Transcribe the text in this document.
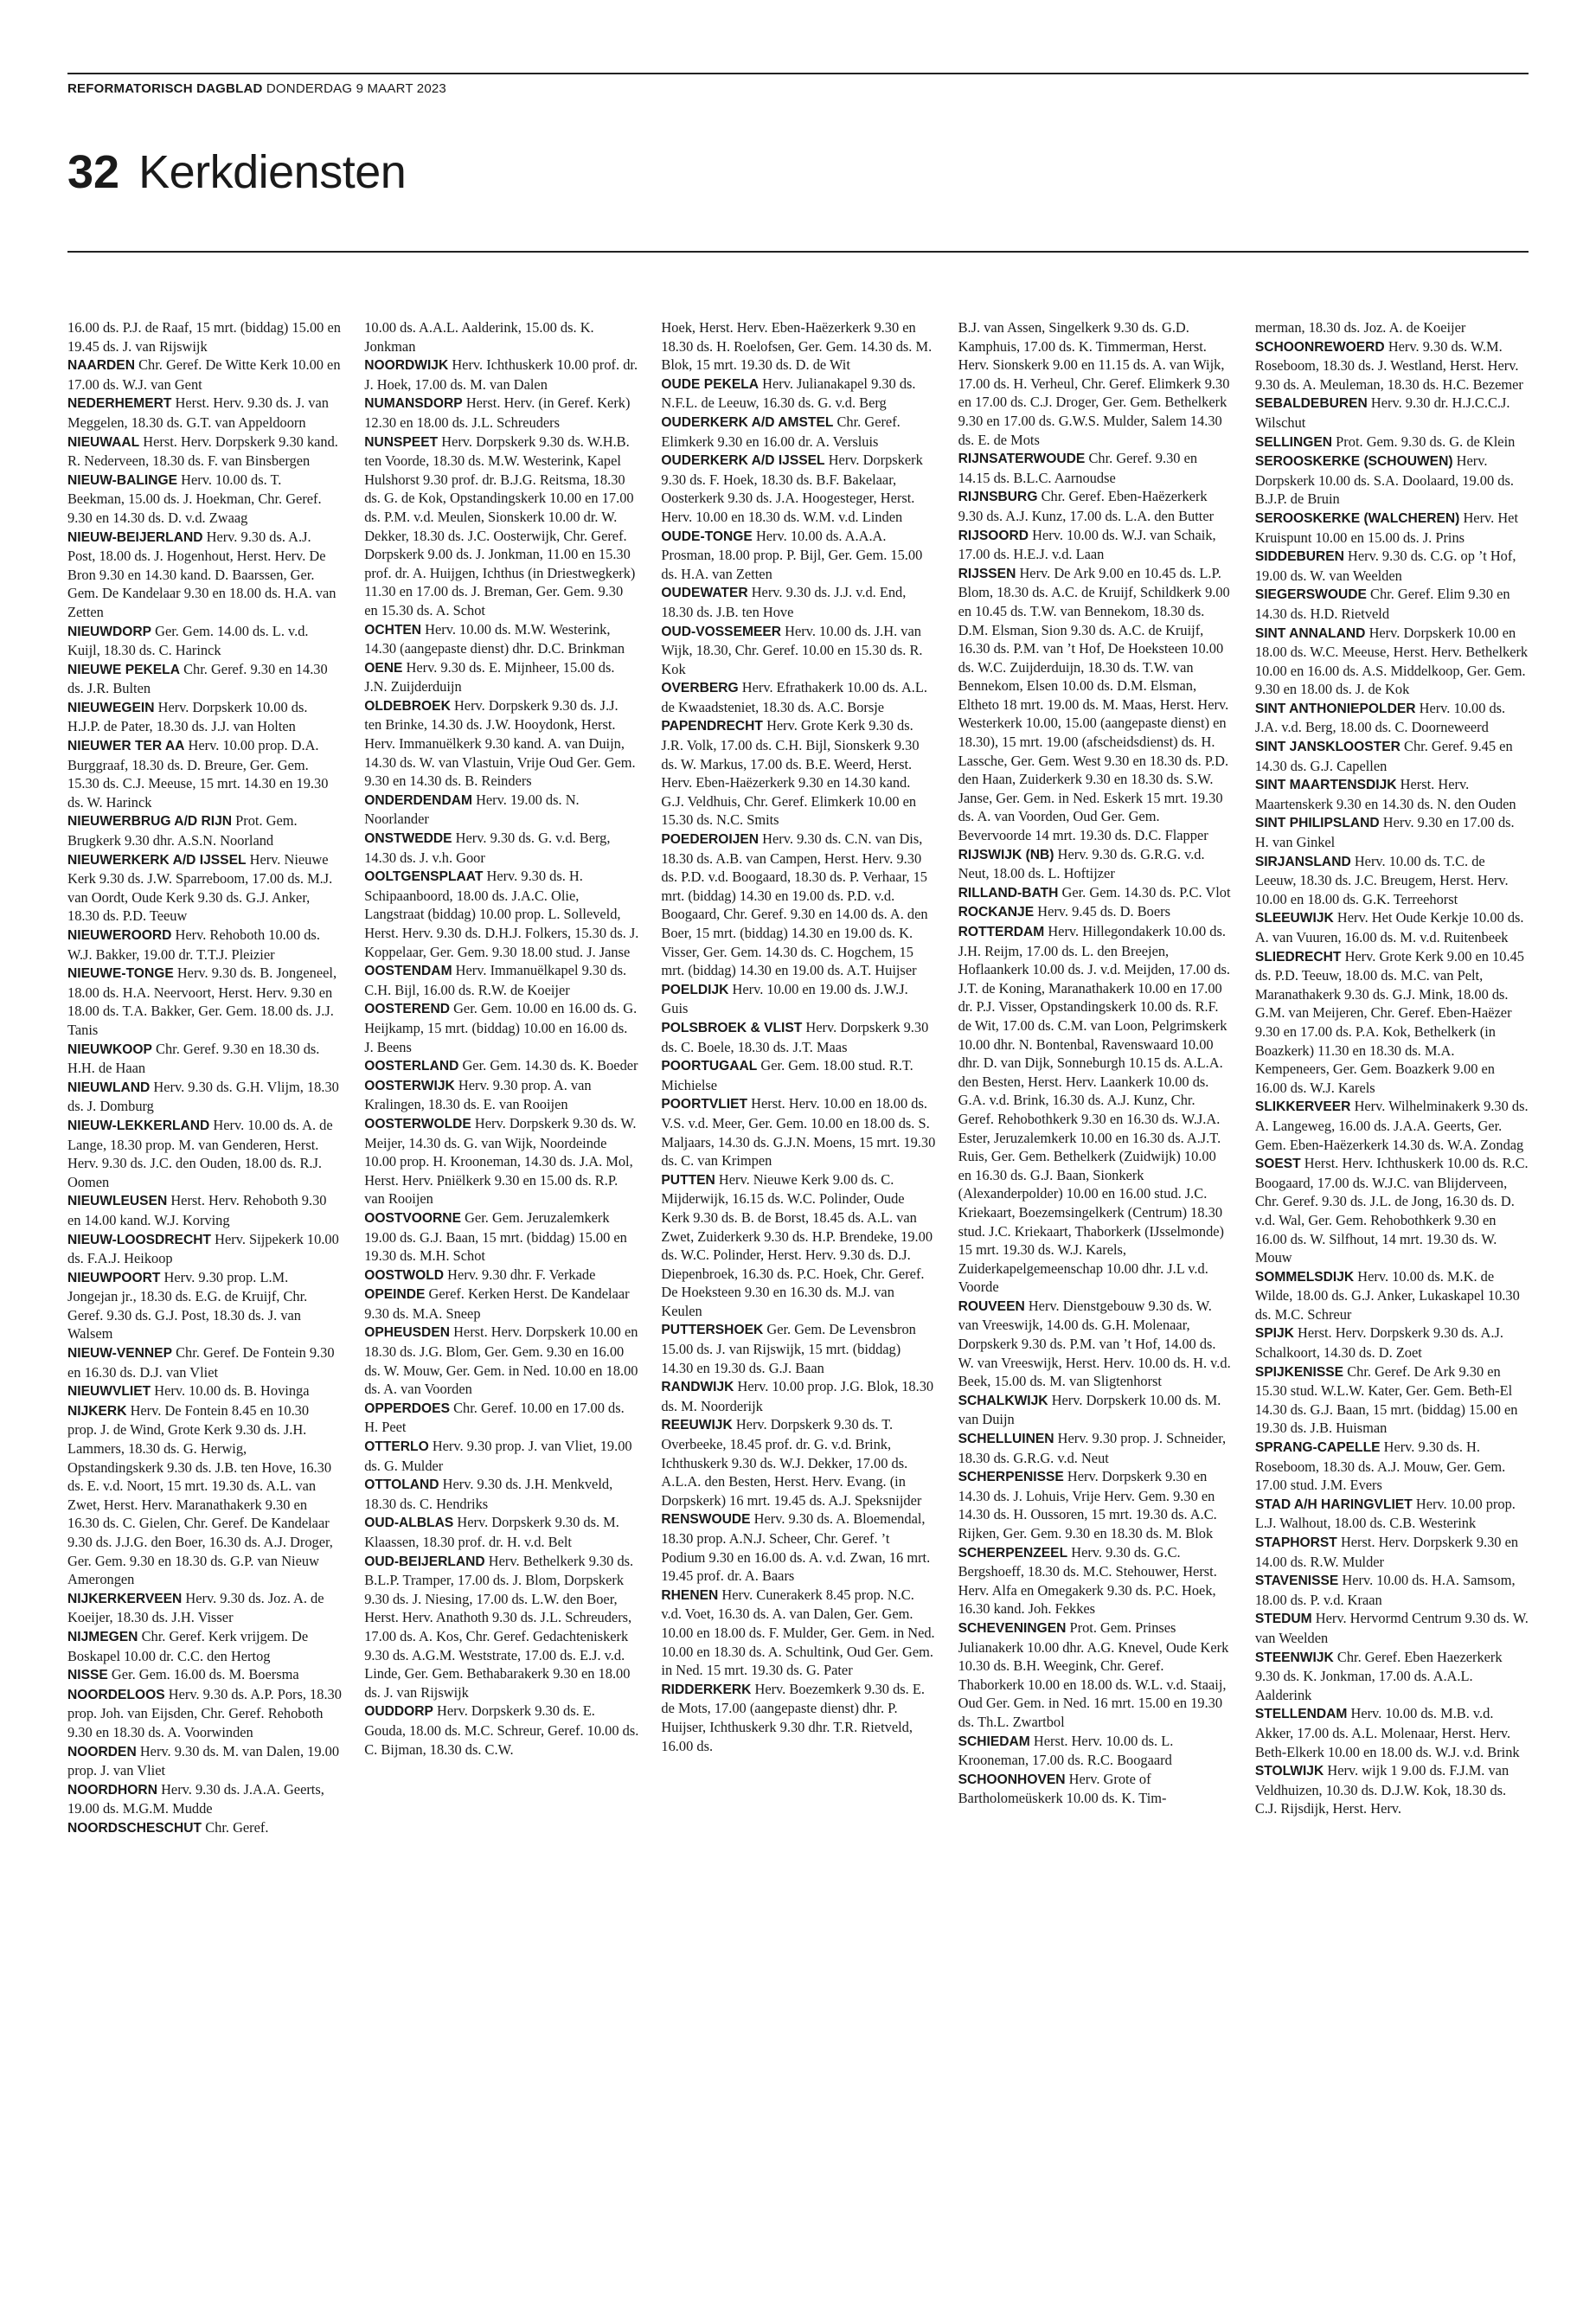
REFORMATORISCH DAGBLAD DONDERDAG 9 MAART 2023
32 Kerkdiensten

16.00 ds. P.J. de Raaf, 15 mrt. (biddag) 15.00 en 19.45 ds. J. van Rijswijk

NAARDEN Chr. Geref. De Witte Kerk 10.00 en 17.00 ds. W.J. van Gent

NEDERHEMERT Herst. Herv. 9.30 ds. J. van Meggelen, 18.30 ds. G.T. van Appeldoorn

NIEUWAAL Herst. Herv. Dorpskerk 9.30 kand. R. Nederveen, 18.30 ds. F. van Binsbergen

NIEUW-BALINGE Herv. 10.00 ds. T. Beekman, 15.00 ds. J. Hoekman, Chr. Geref. 9.30 en 14.30 ds. D. v.d. Zwaag

NIEUW-BEIJERLAND Herv. 9.30 ds. A.J. Post, 18.00 ds. J. Hogenhout, Herst. Herv. De Bron 9.30 en 14.30 kand. D. Baarssen, Ger. Gem. De Kandelaar 9.30 en 18.00 ds. H.A. van Zetten

NIEUWDORP Ger. Gem. 14.00 ds. L. v.d. Kuijl, 18.30 ds. C. Harinck

NIEUWE PEKELA Chr. Geref. 9.30 en 14.30 ds. J.R. Bulten

NIEUWEGEIN Herv. Dorpskerk 10.00 ds. H.J.P. de Pater, 18.30 ds. J.J. van Holten

NIEUWER TER AA Herv. 10.00 prop. D.A. Burggraaf, 18.30 ds. D. Breure, Ger. Gem. 15.30 ds. C.J. Meeuse, 15 mrt. 14.30 en 19.30 ds. W. Harinck

NIEUWERBRUG A/D RIJN Prot. Gem. Brugkerk 9.30 dhr. A.S.N. Noorland

NIEUWERKERK A/D IJSSEL Herv. Nieuwe Kerk 9.30 ds. J.W. Sparreboom, 17.00 ds. M.J. van Oordt, Oude Kerk 9.30 ds. G.J. Anker, 18.30 ds. P.D. Teeuw

NIEUWEROORD Herv. Rehoboth 10.00 ds. W.J. Bakker, 19.00 dr. T.T.J. Pleizier

NIEUWE-TONGE Herv. 9.30 ds. B. Jongeneel, 18.00 ds. H.A. Neervoort, Herst. Herv. 9.30 en 18.00 ds. T.A. Bakker, Ger. Gem. 18.00 ds. J.J. Tanis

NIEUWKOOP Chr. Geref. 9.30 en 18.30 ds. H.H. de Haan

NIEUWLAND Herv. 9.30 ds. G.H. Vlijm, 18.30 ds. J. Domburg

NIEUW-LEKKERLAND Herv. 10.00 ds. A. de Lange, 18.30 prop. M. van Genderen, Herst. Herv. 9.30 ds. J.C. den Ouden, 18.00 ds. R.J. Oomen

NIEUWLEUSEN Herst. Herv. Rehoboth 9.30 en 14.00 kand. W.J. Korving

NIEUW-LOOSDRECHT Herv. Sijpekerk 10.00 ds. F.A.J. Heikoop

NIEUWPOORT Herv. 9.30 prop. L.M. Jongejan jr., 18.30 ds. E.G. de Kruijf, Chr. Geref. 9.30 ds. G.J. Post, 18.30 ds. J. van Walsem

NIEUW-VENNEP Chr. Geref. De Fontein 9.30 en 16.30 ds. D.J. van Vliet

NIEUWVLIET Herv. 10.00 ds. B. Hovinga

NIJKERK Herv. De Fontein 8.45 en 10.30 prop. J. de Wind, Grote Kerk 9.30 ds. J.H. Lammers, 18.30 ds. G. Herwig, Opstandingskerk 9.30 ds. J.B. ten Hove, 16.30 ds. E. v.d. Noort, 15 mrt. 19.30 ds. A.L. van Zwet, Herst. Herv. Maranathakerk 9.30 en 16.30 ds. C. Gielen, Chr. Geref. De Kandelaar 9.30 ds. J.J.G. den Boer, 16.30 ds. A.J. Droger, Ger. Gem. 9.30 en 18.30 ds. G.P. van Nieuw Amerongen

NIJKERKERVEEN Herv. 9.30 ds. Joz. A. de Koeijer, 18.30 ds. J.H. Visser

NIJMEGEN Chr. Geref. Kerk vrijgem. De Boskapel 10.00 dr. C.C. den Hertog

NISSE Ger. Gem. 16.00 ds. M. Boersma

NOORDELOOS Herv. 9.30 ds. A.P. Pors, 18.30 prop. Joh. van Eijsden, Chr. Geref. Rehoboth 9.30 en 18.30 ds. A. Voorwinden

NOORDEN Herv. 9.30 ds. M. van Dalen, 19.00 prop. J. van Vliet

NOORDHORN Herv. 9.30 ds. J.A.A. Geerts, 19.00 ds. M.G.M. Mudde

NOORDSCHESCHUT Chr. Geref.

10.00 ds. A.A.L. Aalderink, 15.00 ds. K. Jonkman

NOORDWIJK Herv. Ichthuskerk 10.00 prof. dr. J. Hoek, 17.00 ds. M. van Dalen

NUMANSDORP Herst. Herv. (in Geref. Kerk) 12.30 en 18.00 ds. J.L. Schreuders

NUNSPEET Herv. Dorpskerk 9.30 ds. W.H.B. ten Voorde, 18.30 ds. M.W. Westerink, Kapel Hulshorst 9.30 prof. dr. B.J.G. Reitsma, 18.30 ds. G. de Kok, Opstandingskerk 10.00 en 17.00 ds. P.M. v.d. Meulen, Sionskerk 10.00 dr. W. Dekker, 18.30 ds. J.C. Oosterwijk, Chr. Geref. Dorpskerk 9.00 ds. J. Jonkman, 11.00 en 15.30 prof. dr. A. Huijgen, Ichthus (in Driestwegkerk) 11.30 en 17.00 ds. J. Breman, Ger. Gem. 9.30 en 15.30 ds. A. Schot

OCHTEN Herv. 10.00 ds. M.W. Westerink, 14.30 (aangepaste dienst) dhr. D.C. Brinkman

OENE Herv. 9.30 ds. E. Mijnheer, 15.00 ds. J.N. Zuijderduijn

OLDEBROEK Herv. Dorpskerk 9.30 ds. J.J. ten Brinke, 14.30 ds. J.W. Hooydonk, Herst. Herv. Immanuëlkerk 9.30 kand. A. van Duijn, 14.30 ds. W. van Vlastuin, Vrije Oud Ger. Gem. 9.30 en 14.30 ds. B. Reinders

ONDERDENDAM Herv. 19.00 ds. N. Noorlander

ONSTWEDDE Herv. 9.30 ds. G. v.d. Berg, 14.30 ds. J. v.h. Goor

OOLTGENSPLAAT Herv. 9.30 ds. H. Schipaanboord, 18.00 ds. J.A.C. Olie, Langstraat (biddag) 10.00 prop. L. Solleveld, Herst. Herv. 9.30 ds. D.H.J. Folkers, 15.30 ds. J. Koppelaar, Ger. Gem. 9.30 18.00 stud. J. Janse

OOSTENDAM Herv. Immanuëlkapel 9.30 ds. C.H. Bijl, 16.00 ds. R.W. de Koeijer

OOSTEREND Ger. Gem. 10.00 en 16.00 ds. G. Heijkamp, 15 mrt. (biddag) 10.00 en 16.00 ds. J. Beens

OOSTERLAND Ger. Gem. 14.30 ds. K. Boeder

OOSTERWIJK Herv. 9.30 prop. A. van Kralingen, 18.30 ds. E. van Rooijen

OOSTERWOLDE Herv. Dorpskerk 9.30 ds. W. Meijer, 14.30 ds. G. van Wijk, Noordeinde 10.00 prop. H. Krooneman, 14.30 ds. J.A. Mol, Herst. Herv. Pniëlkerk 9.30 en 15.00 ds. R.P. van Rooijen

OOSTVOORNE Ger. Gem. Jeruzalemkerk 19.00 ds. G.J. Baan, 15 mrt. (biddag) 15.00 en 19.30 ds. M.H. Schot

OOSTWOLD Herv. 9.30 dhr. F. Verkade

OPEINDE Geref. Kerken Herst. De Kandelaar 9.30 ds. M.A. Sneep

OPHEUSDEN Herst. Herv. Dorpskerk 10.00 en 18.30 ds. J.G. Blom, Ger. Gem. 9.30 en 16.00 ds. W. Mouw, Ger. Gem. in Ned. 10.00 en 18.00 ds. A. van Voorden

OPPERDOES Chr. Geref. 10.00 en 17.00 ds. H. Peet

OTTERLO Herv. 9.30 prop. J. van Vliet, 19.00 ds. G. Mulder

OTTOLAND Herv. 9.30 ds. J.H. Menkveld, 18.30 ds. C. Hendriks

OUD-ALBLAS Herv. Dorpskerk 9.30 ds. M. Klaassen, 18.30 prof. dr. H. v.d. Belt

OUD-BEIJERLAND Herv. Bethelkerk 9.30 ds. B.L.P. Tramper, 17.00 ds. J. Blom, Dorpskerk 9.30 ds. J. Niesing, 17.00 ds. L.W. den Boer, Herst. Herv. Anathoth 9.30 ds. J.L. Schreuders, 17.00 ds. A. Kos, Chr. Geref. Gedachteniskerk 9.30 ds. A.G.M. Weststrate, 17.00 ds. E.J. v.d. Linde, Ger. Gem. Bethabarakerk 9.30 en 18.00 ds. J. van Rijswijk

OUDDORP Herv. Dorpskerk 9.30 ds. E. Gouda, 18.00 ds. M.C. Schreur, Geref. 10.00 ds. C. Bijman, 18.30 ds. C.W.

Hoek, Herst. Herv. Eben-Haëzerkerk 9.30 en 18.30 ds. H. Roelofsen, Ger. Gem. 14.30 ds. M. Blok, 15 mrt. 19.30 ds. D. de Wit

OUDE PEKELA Herv. Julianakapel 9.30 ds. N.F.L. de Leeuw, 16.30 ds. G. v.d. Berg

OUDERKERK A/D AMSTEL Chr. Geref. Elimkerk 9.30 en 16.00 dr. A. Versluis

OUDERKERK A/D IJSSEL Herv. Dorpskerk 9.30 ds. F. Hoek, 18.30 ds. B.F. Bakelaar, Oosterkerk 9.30 ds. J.A. Hoogesteger, Herst. Herv. 10.00 en 18.30 ds. W.M. v.d. Linden

OUDE-TONGE Herv. 10.00 ds. A.A.A. Prosman, 18.00 prop. P. Bijl, Ger. Gem. 15.00 ds. H.A. van Zetten

OUDEWATER Herv. 9.30 ds. J.J. v.d. End, 18.30 ds. J.B. ten Hove

OUD-VOSSEMEER Herv. 10.00 ds. J.H. van Wijk, 18.30, Chr. Geref. 10.00 en 15.30 ds. R. Kok

OVERBERG Herv. Efrathakerk 10.00 ds. A.L. de Kwaadsteniet, 18.30 ds. A.C. Borsje

PAPENDRECHT Herv. Grote Kerk 9.30 ds. J.R. Volk, 17.00 ds. C.H. Bijl, Sionskerk 9.30 ds. W. Markus, 17.00 ds. B.E. Weerd, Herst. Herv. Eben-Haëzerkerk 9.30 en 14.30 kand. G.J. Veldhuis, Chr. Geref. Elimkerk 10.00 en 15.30 ds. N.C. Smits

POEDEROIJEN Herv. 9.30 ds. C.N. van Dis, 18.30 ds. A.B. van Campen, Herst. Herv. 9.30 ds. P.D. v.d. Boogaard, 18.30 ds. P. Verhaar, 15 mrt. (biddag) 14.30 en 19.00 ds. P.D. v.d. Boogaard, Chr. Geref. 9.30 en 14.00 ds. A. den Boer, 15 mrt. (biddag) 14.30 en 19.00 ds. K. Visser, Ger. Gem. 14.30 ds. C. Hogchem, 15 mrt. (biddag) 14.30 en 19.00 ds. A.T. Huijser

POELDIJK Herv. 10.00 en 19.00 ds. J.W.J. Guis

POLSBROEK & VLIST Herv. Dorpskerk 9.30 ds. C. Boele, 18.30 ds. J.T. Maas

POORTUGAAL Ger. Gem. 18.00 stud. R.T. Michielse

POORTVLIET Herst. Herv. 10.00 en 18.00 ds. V.S. v.d. Meer, Ger. Gem. 10.00 en 18.00 ds. S. Maljaars, 14.30 ds. G.J.N. Moens, 15 mrt. 19.30 ds. C. van Krimpen

PUTTEN Herv. Nieuwe Kerk 9.00 ds. C. Mijderwijk, 16.15 ds. W.C. Polinder, Oude Kerk 9.30 ds. B. de Borst, 18.45 ds. A.L. van Zwet, Zuiderkerk 9.30 ds. H.P. Brendeke, 19.00 ds. W.C. Polinder, Herst. Herv. 9.30 ds. D.J. Diepenbroek, 16.30 ds. P.C. Hoek, Chr. Geref. De Hoeksteen 9.30 en 16.30 ds. M.J. van Keulen

PUTTERSHOEK Ger. Gem. De Levensbron 15.00 ds. J. van Rijswijk, 15 mrt. (biddag) 14.30 en 19.30 ds. G.J. Baan

RANDWIJK Herv. 10.00 prop. J.G. Blok, 18.30 ds. M. Noorderijk

REEUWIJK Herv. Dorpskerk 9.30 ds. T. Overbeeke, 18.45 prof. dr. G. v.d. Brink, Ichthuskerk 9.30 ds. W.J. Dekker, 17.00 ds. A.L.A. den Besten, Herst. Herv. Evang. (in Dorpskerk) 16 mrt. 19.45 ds. A.J. Speksnijder

RENSWOUDE Herv. 9.30 ds. A. Bloemendal, 18.30 prop. A.N.J. Scheer, Chr. Geref. ’t Podium 9.30 en 16.00 ds. A. v.d. Zwan, 16 mrt. 19.45 prof. dr. A. Baars

RHENEN Herv. Cunerakerk 8.45 prop. N.C. v.d. Voet, 16.30 ds. A. van Dalen, Ger. Gem. 10.00 en 18.00 ds. F. Mulder, Ger. Gem. in Ned. 10.00 en 18.30 ds. A. Schultink, Oud Ger. Gem. in Ned. 15 mrt. 19.30 ds. G. Pater

RIDDERKERK Herv. Boezemkerk 9.30 ds. E. de Mots, 17.00 (aangepaste dienst) dhr. P. Huijser, Ichthuskerk 9.30 dhr. T.R. Rietveld, 16.00 ds.

B.J. van Assen, Singelkerk 9.30 ds. G.D. Kamphuis, 17.00 ds. K. Timmerman, Herst. Herv. Sionskerk 9.00 en 11.15 ds. A. van Wijk, 17.00 ds. H. Verheul, Chr. Geref. Elimkerk 9.30 en 17.00 ds. C.J. Droger, Ger. Gem. Bethelkerk 9.30 en 17.00 ds. G.W.S. Mulder, Salem 14.30 ds. E. de Mots

RIJNSATERWOUDE Chr. Geref. 9.30 en 14.15 ds. B.L.C. Aarnoudse

RIJNSBURG Chr. Geref. Eben-Haëzerkerk 9.30 ds. A.J. Kunz, 17.00 ds. L.A. den Butter

RIJSOORD Herv. 10.00 ds. W.J. van Schaik, 17.00 ds. H.E.J. v.d. Laan

RIJSSEN Herv. De Ark 9.00 en 10.45 ds. L.P. Blom, 18.30 ds. A.C. de Kruijf, Schildkerk 9.00 en 10.45 ds. T.W. van Bennekom, 18.30 ds. D.M. Elsman, Sion 9.30 ds. A.C. de Kruijf, 16.30 ds. P.M. van ’t Hof, De Hoeksteen 10.00 ds. W.C. Zuijderduijn, 18.30 ds. T.W. van Bennekom, Elsen 10.00 ds. D.M. Elsman, Eltheto 18 mrt. 19.00 ds. M. Maas, Herst. Herv. Westerkerk 10.00, 15.00 (aangepaste dienst) en 18.30), 15 mrt. 19.00 (afscheidsdienst) ds. H. Lassche, Ger. Gem. West 9.30 en 18.30 ds. P.D. den Haan, Zuiderkerk 9.30 en 18.30 ds. S.W. Janse, Ger. Gem. in Ned. Eskerk 15 mrt. 19.30 ds. A. van Voorden, Oud Ger. Gem. Bevervoorde 14 mrt. 19.30 ds. D.C. Flapper

RIJSWIJK (NB) Herv. 9.30 ds. G.R.G. v.d. Neut, 18.00 ds. L. Hoftijzer

RILLAND-BATH Ger. Gem. 14.30 ds. P.C. Vlot

ROCKANJE Herv. 9.45 ds. D. Boers

ROTTERDAM Herv. Hillegondakerk 10.00 ds. J.H. Reijm, 17.00 ds. L. den Breejen, Hoflaankerk 10.00 ds. J. v.d. Meijden, 17.00 ds. J.T. de Koning, Maranathakerk 10.00 en 17.00 dr. P.J. Visser, Opstandingskerk 10.00 ds. R.F. de Wit, 17.00 ds. C.M. van Loon, Pelgrimskerk 10.00 dhr. N. Bontenbal, Ravenswaard 10.00 dhr. D. van Dijk, Sonneburgh 10.15 ds. A.L.A. den Besten, Herst. Herv. Laankerk 10.00 ds. G.A. v.d. Brink, 16.30 ds. A.J. Kunz, Chr. Geref. Rehobothkerk 9.30 en 16.30 ds. W.J.A. Ester, Jeruzalemkerk 10.00 en 16.30 ds. A.J.T. Ruis, Ger. Gem. Bethelkerk (Zuidwijk) 10.00 en 16.30 ds. G.J. Baan, Sionkerk (Alexanderpolder) 10.00 en 16.00 stud. J.C. Kriekaart, Boezemsingelkerk (Centrum) 18.30 stud. J.C. Kriekaart, Thaborkerk (IJsselmonde) 15 mrt. 19.30 ds. W.J. Karels, Zuiderkapelgemeenschap 10.00 dhr. J.L v.d. Voorde

ROUVEEN Herv. Dienstgebouw 9.30 ds. W. van Vreeswijk, 14.00 ds. G.H. Molenaar, Dorpskerk 9.30 ds. P.M. van ’t Hof, 14.00 ds. W. van Vreeswijk, Herst. Herv. 10.00 ds. H. v.d. Beek, 15.00 ds. M. van Sligtenhorst

SCHALKWIJK Herv. Dorpskerk 10.00 ds. M. van Duijn

SCHELLUINEN Herv. 9.30 prop. J. Schneider, 18.30 ds. G.R.G. v.d. Neut

SCHERPENISSE Herv. Dorpskerk 9.30 en 14.30 ds. J. Lohuis, Vrije Herv. Gem. 9.30 en 14.30 ds. H. Oussoren, 15 mrt. 19.30 ds. A.C. Rijken, Ger. Gem. 9.30 en 18.30 ds. M. Blok

SCHERPENZEEL Herv. 9.30 ds. G.C. Bergshoeff, 18.30 ds. M.C. Stehouwer, Herst. Herv. Alfa en Omegakerk 9.30 ds. P.C. Hoek, 16.30 kand. Joh. Fekkes

SCHEVENINGEN Prot. Gem. Prinses Julianakerk 10.00 dhr. A.G. Knevel, Oude Kerk 10.30 ds. B.H. Weegink, Chr. Geref. Thaborkerk 10.00 en 18.00 ds. W.L. v.d. Staaij, Oud Ger. Gem. in Ned. 16 mrt. 15.00 en 19.30 ds. Th.L. Zwartbol

SCHIEDAM Herst. Herv. 10.00 ds. L. Krooneman, 17.00 ds. R.C. Boogaard

SCHOONHOVEN Herv. Grote of Bartholomeüskerk 10.00 ds. K. Tim-

merman, 18.30 ds. Joz. A. de Koeijer

SCHOONREWOERD Herv. 9.30 ds. W.M. Roseboom, 18.30 ds. J. Westland, Herst. Herv. 9.30 ds. A. Meuleman, 18.30 ds. H.C. Bezemer

SEBALDEBUREN Herv. 9.30 dr. H.J.C.C.J. Wilschut

SELLINGEN Prot. Gem. 9.30 ds. G. de Klein

SEROOSKERKE (SCHOUWEN) Herv. Dorpskerk 10.00 ds. S.A. Doolaard, 19.00 ds. B.J.P. de Bruin

SEROOSKERKE (WALCHEREN) Herv. Het Kruispunt 10.00 en 15.00 ds. J. Prins

SIDDEBUREN Herv. 9.30 ds. C.G. op ’t Hof, 19.00 ds. W. van Weelden

SIEGERSWOUDE Chr. Geref. Elim 9.30 en 14.30 ds. H.D. Rietveld

SINT ANNALAND Herv. Dorpskerk 10.00 en 18.00 ds. W.C. Meeuse, Herst. Herv. Bethelkerk 10.00 en 16.00 ds. A.S. Middelkoop, Ger. Gem. 9.30 en 18.00 ds. J. de Kok

SINT ANTHONIEPOLDER Herv. 10.00 ds. J.A. v.d. Berg, 18.00 ds. C. Doorneweerd

SINT JANSKLOOSTER Chr. Geref. 9.45 en 14.30 ds. G.J. Capellen

SINT MAARTENSDIJK Herst. Herv. Maartenskerk 9.30 en 14.30 ds. N. den Ouden

SINT PHILIPSLAND Herv. 9.30 en 17.00 ds. H. van Ginkel

SIRJANSLAND Herv. 10.00 ds. T.C. de Leeuw, 18.30 ds. J.C. Breugem, Herst. Herv. 10.00 en 18.00 ds. G.K. Terreehorst

SLEEUWIJK Herv. Het Oude Kerkje 10.00 ds. A. van Vuuren, 16.00 ds. M. v.d. Ruitenbeek

SLIEDRECHT Herv. Grote Kerk 9.00 en 10.45 ds. P.D. Teeuw, 18.00 ds. M.C. van Pelt, Maranathakerk 9.30 ds. G.J. Mink, 18.00 ds. G.M. van Meijeren, Chr. Geref. Eben-Haëzer 9.30 en 17.00 ds. P.A. Kok, Bethelkerk (in Boazkerk) 11.30 en 18.30 ds. M.A. Kempeneers, Ger. Gem. Boazkerk 9.00 en 16.00 ds. W.J. Karels

SLIKKERVEER Herv. Wilhelminakerk 9.30 ds. A. Langeweg, 16.00 ds. J.A.A. Geerts, Ger. Gem. Eben-Haëzerkerk 14.30 ds. W.A. Zondag

SOEST Herst. Herv. Ichthuskerk 10.00 ds. R.C. Boogaard, 17.00 ds. W.J.C. van Blijderveen, Chr. Geref. 9.30 ds. J.L. de Jong, 16.30 ds. D. v.d. Wal, Ger. Gem. Rehobothkerk 9.30 en 16.00 ds. W. Silfhout, 14 mrt. 19.30 ds. W. Mouw

SOMMELSDIJK Herv. 10.00 ds. M.K. de Wilde, 18.00 ds. G.J. Anker, Lukaskapel 10.30 ds. M.C. Schreur

SPIJK Herst. Herv. Dorpskerk 9.30 ds. A.J. Schalkoort, 14.30 ds. D. Zoet

SPIJKENISSE Chr. Geref. De Ark 9.30 en 15.30 stud. W.L.W. Kater, Ger. Gem. Beth-El 14.30 ds. G.J. Baan, 15 mrt. (biddag) 15.00 en 19.30 ds. J.B. Huisman

SPRANG-CAPELLE Herv. 9.30 ds. H. Roseboom, 18.30 ds. A.J. Mouw, Ger. Gem. 17.00 stud. J.M. Evers

STAD A/H HARINGVLIET Herv. 10.00 prop. L.J. Walhout, 18.00 ds. C.B. Westerink

STAPHORST Herst. Herv. Dorpskerk 9.30 en 14.00 ds. R.W. Mulder

STAVENISSE Herv. 10.00 ds. H.A. Samsom, 18.00 ds. P. v.d. Kraan

STEDUM Herv. Hervormd Centrum 9.30 ds. W. van Weelden

STEENWIJK Chr. Geref. Eben Haezerkerk 9.30 ds. K. Jonkman, 17.00 ds. A.A.L. Aalderink

STELLENDAM Herv. 10.00 ds. M.B. v.d. Akker, 17.00 ds. A.L. Molenaar, Herst. Herv. Beth-Elkerk 10.00 en 18.00 ds. W.J. v.d. Brink

STOLWIJK Herv. wijk 1 9.00 ds. F.J.M. van Veldhuizen, 10.30 ds. D.J.W. Kok, 18.30 ds. C.J. Rijsdijk, Herst. Herv.
